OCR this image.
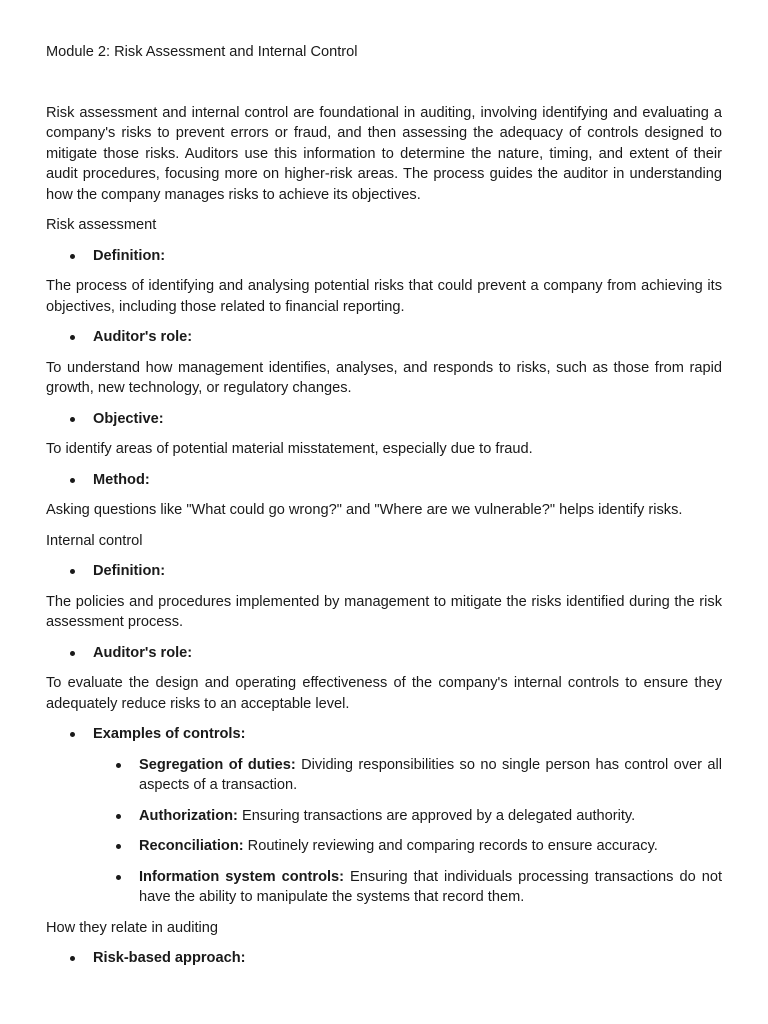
Module 2: Risk Assessment and Internal Control

Risk assessment and internal control are foundational in auditing, involving identifying and evaluating a company's risks to prevent errors or fraud, and then assessing the adequacy of controls designed to mitigate those risks. Auditors use this information to determine the nature, timing, and extent of their audit procedures, focusing more on higher-risk areas. The process guides the auditor in understanding how the company manages risks to achieve its objectives.

Risk assessment
Definition:

The process of identifying and analysing potential risks that could prevent a company from achieving its objectives, including those related to financial reporting.

Auditor's role:

To understand how management identifies, analyses, and responds to risks, such as those from rapid growth, new technology, or regulatory changes.

Objective:

To identify areas of potential material misstatement, especially due to fraud.

Method:

Asking questions like "What could go wrong?" and "Where are we vulnerable?" helps identify risks.

Internal control
Definition:

The policies and procedures implemented by management to mitigate the risks identified during the risk assessment process.

Auditor's role:

To evaluate the design and operating effectiveness of the company's internal controls to ensure they adequately reduce risks to an acceptable level.

Examples of controls:
Segregation of duties: Dividing responsibilities so no single person has control over all aspects of a transaction.
Authorization: Ensuring transactions are approved by a delegated authority.
Reconciliation: Routinely reviewing and comparing records to ensure accuracy.
Information system controls: Ensuring that individuals processing transactions do not have the ability to manipulate the systems that record them.
How they relate in auditing
Risk-based approach:
